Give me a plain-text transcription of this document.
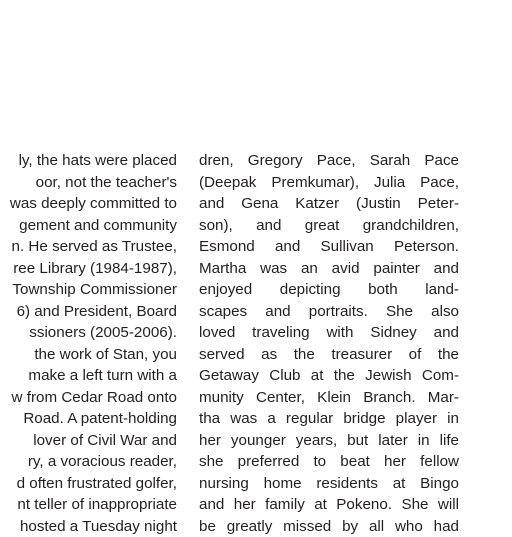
ly, the hats were placed
oor, not the teacher's
was deeply committed to
gement and community
n. He served as Trustee,
ree Library (1984-1987),
Township Commissioner
6) and President, Board
ssioners (2005-2006).
the work of Stan, you
make a left turn with a
w from Cedar Road onto
Road. A patent-holding
lover of Civil War and
ry, a voracious reader,
d often frustrated golfer,
nt teller of inappropriate
hosted a Tuesday night
dren, Gregory Pace, Sarah Pace
(Deepak Premkumar), Julia Pace,
and Gena Katzer (Justin Peter-
son), and great grandchildren,
Esmond and Sullivan Peterson.
Martha was an avid painter and
enjoyed depicting both land-
scapes and portraits. She also
loved traveling with Sidney and
served as the treasurer of the
Getaway Club at the Jewish Com-
munity Center, Klein Branch. Mar-
tha was a regular bridge player in
her younger years, but later in life
she preferred to beat her fellow
nursing home residents at Bingo
and her family at Pokeno. She will
be greatly missed by all who had
